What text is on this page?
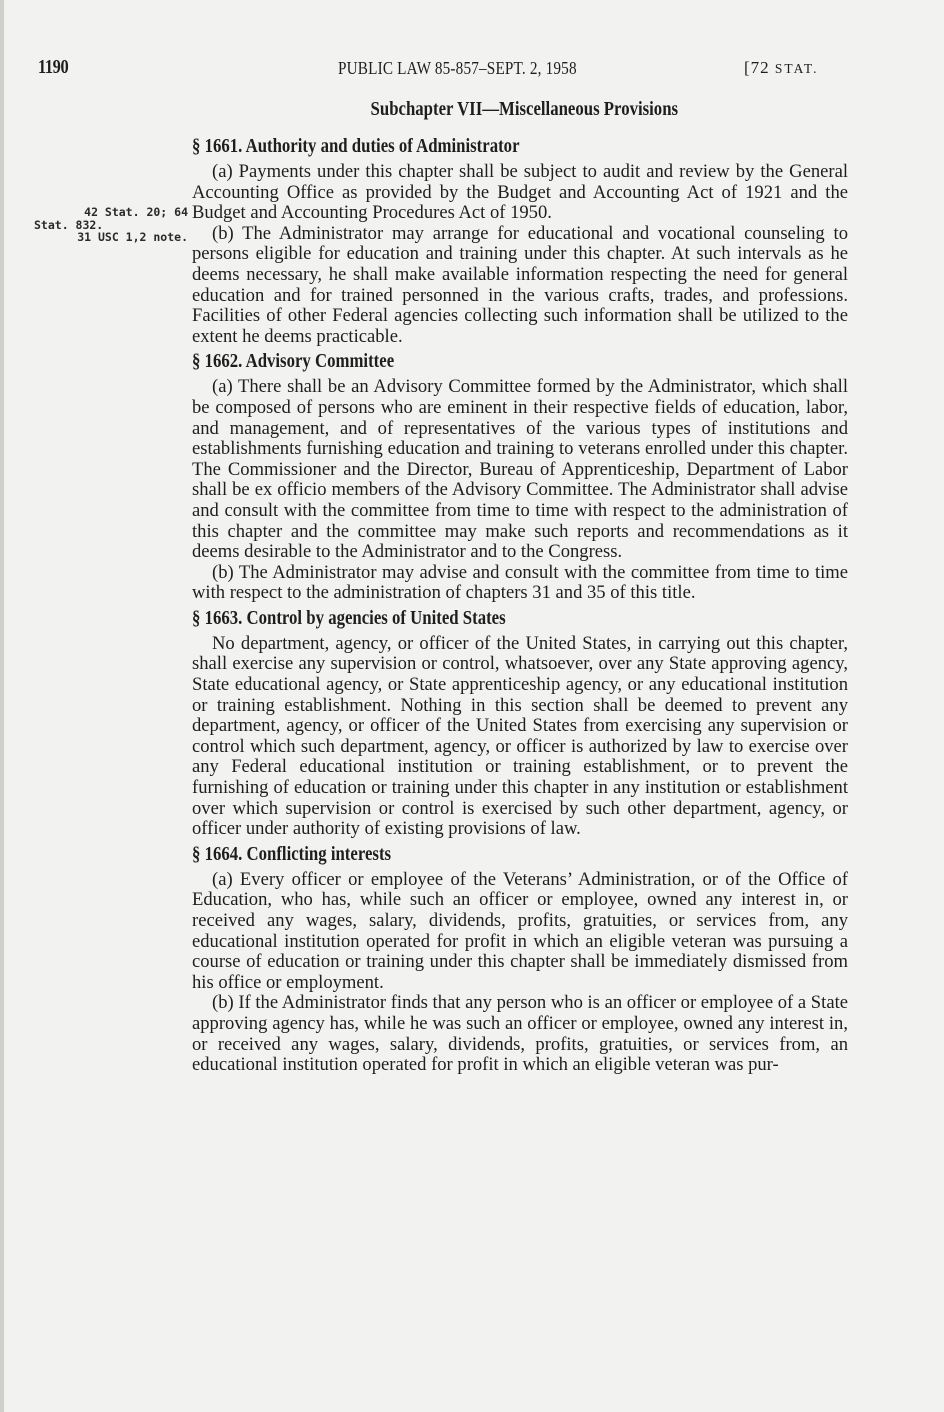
1190	PUBLIC LAW 85-857–SEPT. 2, 1958	[72 STAT.
42 Stat. 20; 64
Stat. 832.
31 USC 1,2 note.
Subchapter VII—Miscellaneous Provisions
§ 1661. Authority and duties of Administrator

(a) Payments under this chapter shall be subject to audit and review by the General Accounting Office as provided by the Budget and Accounting Act of 1921 and the Budget and Accounting Procedures Act of 1950.

(b) The Administrator may arrange for educational and vocational counseling to persons eligible for education and training under this chapter. At such intervals as he deems necessary, he shall make available information respecting the need for general education and for trained personned in the various crafts, trades, and professions. Facilities of other Federal agencies collecting such information shall be utilized to the extent he deems practicable.

§ 1662. Advisory Committee

(a) There shall be an Advisory Committee formed by the Administrator, which shall be composed of persons who are eminent in their respective fields of education, labor, and management, and of representatives of the various types of institutions and establishments furnishing education and training to veterans enrolled under this chapter. The Commissioner and the Director, Bureau of Apprenticeship, Department of Labor shall be ex officio members of the Advisory Committee. The Administrator shall advise and consult with the committee from time to time with respect to the administration of this chapter and the committee may make such reports and recommendations as it deems desirable to the Administrator and to the Congress.

(b) The Administrator may advise and consult with the committee from time to time with respect to the administration of chapters 31 and 35 of this title.

§ 1663. Control by agencies of United States

No department, agency, or officer of the United States, in carrying out this chapter, shall exercise any supervision or control, whatsoever, over any State approving agency, State educational agency, or State apprenticeship agency, or any educational institution or training establishment. Nothing in this section shall be deemed to prevent any department, agency, or officer of the United States from exercising any supervision or control which such department, agency, or officer is authorized by law to exercise over any Federal educational institution or training establishment, or to prevent the furnishing of education or training under this chapter in any institution or establishment over which supervision or control is exercised by such other department, agency, or officer under authority of existing provisions of law.

§ 1664. Conflicting interests

(a) Every officer or employee of the Veterans’ Administration, or of the Office of Education, who has, while such an officer or employee, owned any interest in, or received any wages, salary, dividends, profits, gratuities, or services from, any educational institution operated for profit in which an eligible veteran was pursuing a course of education or training under this chapter shall be immediately dismissed from his office or employment.

(b) If the Administrator finds that any person who is an officer or employee of a State approving agency has, while he was such an officer or employee, owned any interest in, or received any wages, salary, dividends, profits, gratuities, or services from, an educational institution operated for profit in which an eligible veteran was pur-
